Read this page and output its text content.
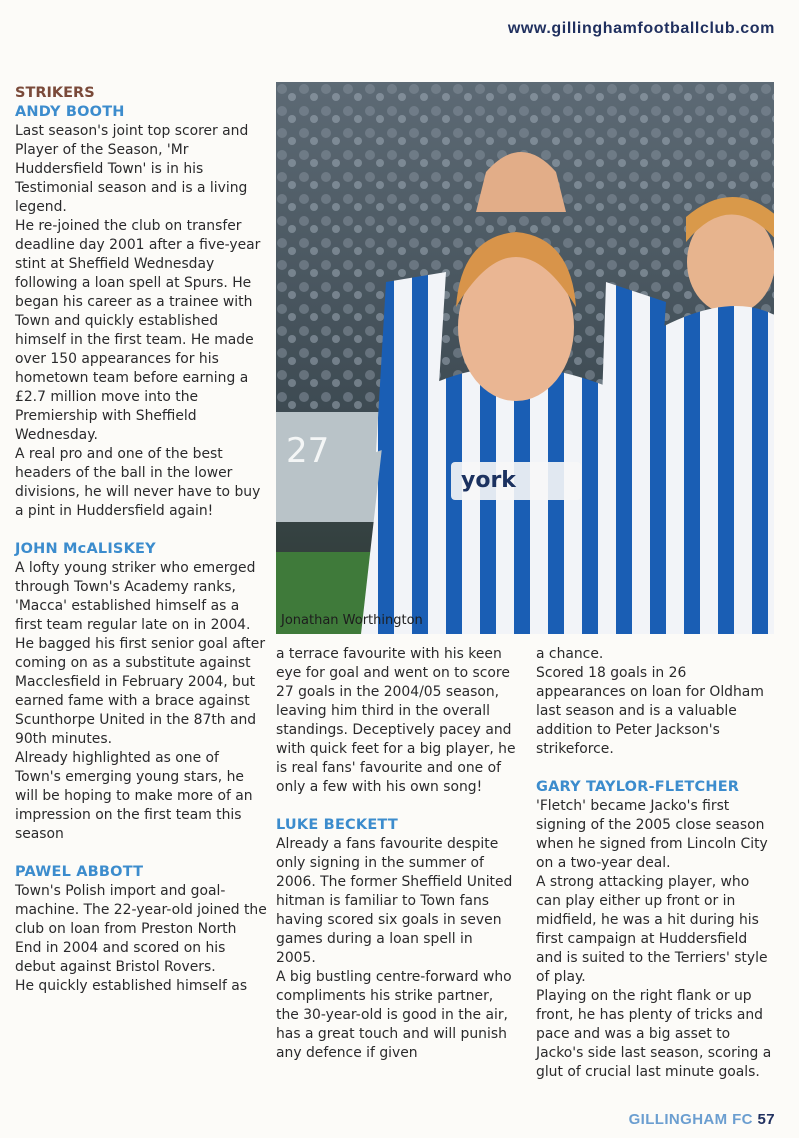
www.gillinghamfootballclub.com

STRIKERS

ANDY BOOTH

Last season's joint top scorer and Player of the Season, 'Mr Huddersfield Town' is in his Testimonial season and is a living legend.

He re-joined the club on transfer deadline day 2001 after a five-year stint at Sheffield Wednesday following a loan spell at Spurs. He began his career as a trainee with Town and quickly established himself in the first team. He made over 150 appearances for his hometown team before earning a £2.7 million move into the Premiership with Sheffield Wednesday.

A real pro and one of the best headers of the ball in the lower divisions, he will never have to buy a pint in Huddersfield again!

JOHN McALISKEY

A lofty young striker who emerged through Town's Academy ranks, 'Macca' established himself as a first team regular late on in 2004.

He bagged his first senior goal after coming on as a substitute against Macclesfield in February 2004, but earned fame with a brace against Scunthorpe United in the 87th and 90th minutes.

Already highlighted as one of Town's emerging young stars, he will be hoping to make more of an impression on the first team this season

PAWEL ABBOTT

Town's Polish import and goal-machine. The 22-year-old joined the club on loan from Preston North End in 2004 and scored on his debut against Bristol Rovers.

He quickly established himself as

27
york
Jonathan Worthington

a terrace favourite with his keen eye for goal and went on to score 27 goals in the 2004/05 season, leaving him third in the overall standings. Deceptively pacey and with quick feet for a big player, he is real fans' favourite and one of only a few with his own song!

LUKE BECKETT

Already a fans favourite despite only signing in the summer of 2006. The former Sheffield United hitman is familiar to Town fans having scored six goals in seven games during a loan spell in 2005.

A big bustling centre-forward who compliments his strike partner, the 30-year-old is good in the air, has a great touch and will punish any defence if given

a chance.

Scored 18 goals in 26 appearances on loan for Oldham last season and is a valuable addition to Peter Jackson's strikeforce.

GARY TAYLOR-FLETCHER

'Fletch' became Jacko's first signing of the 2005 close season when he signed from Lincoln City on a two-year deal.

A strong attacking player, who can play either up front or in midfield, he was a hit during his first campaign at Huddersfield and is suited to the Terriers' style of play.

Playing on the right flank or up front, he has plenty of tricks and pace and was a big asset to Jacko's side last season, scoring a glut of crucial last minute goals.

GILLINGHAM FC 57
